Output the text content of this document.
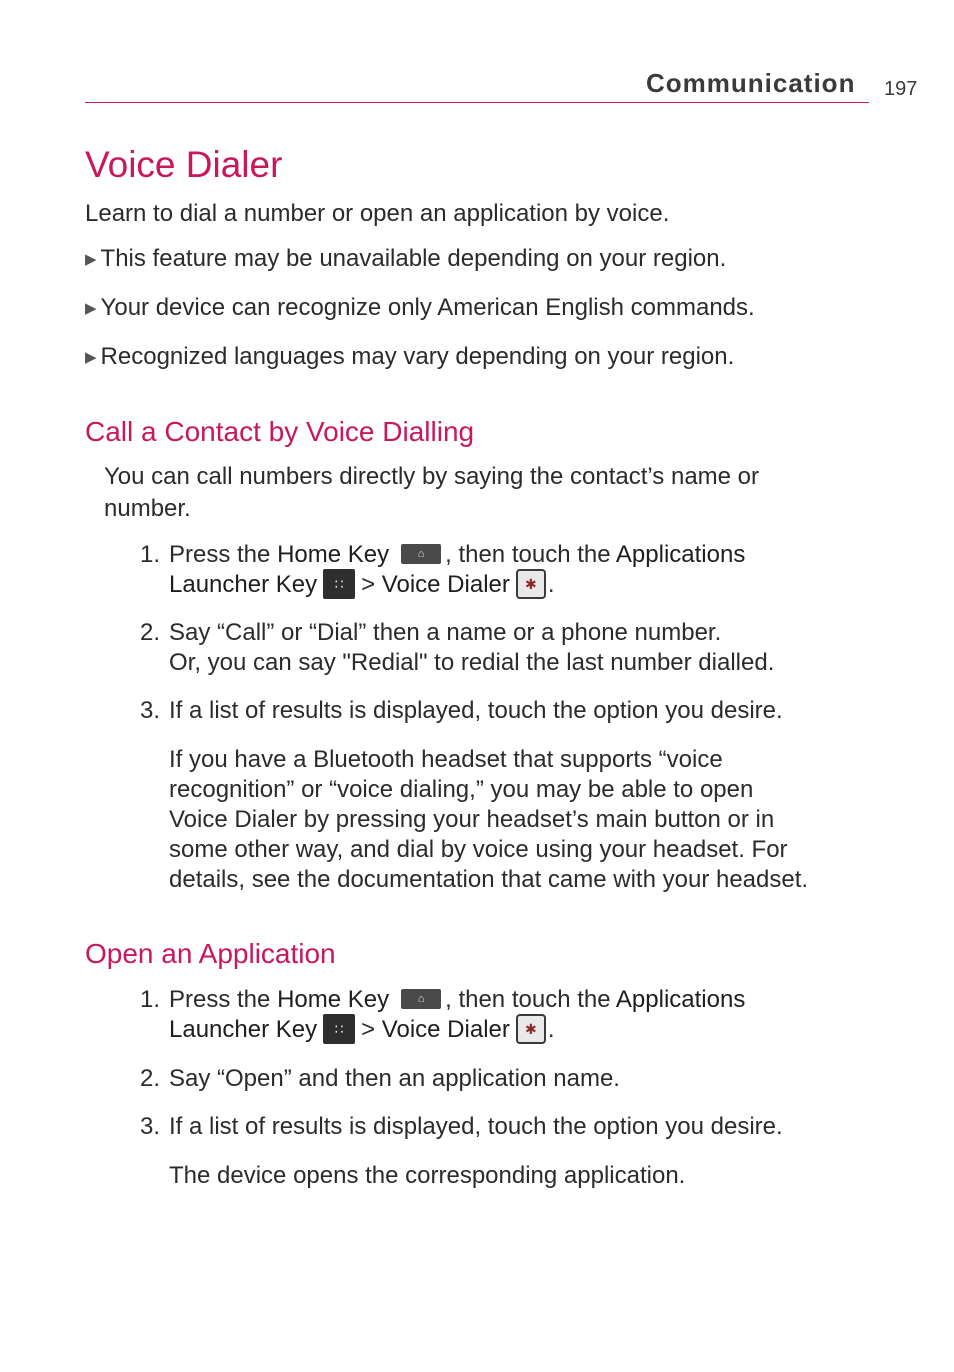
Communication 197
Voice Dialer
Learn to dial a number or open an application by voice.
▶ This feature may be unavailable depending on your region.
▶ Your device can recognize only American English commands.
▶ Recognized languages may vary depending on your region.
Call a Contact by Voice Dialling
You can call numbers directly by saying the contact’s name or
number.
1. Press the Home Key	⌂ , then touch the Applications
Launcher Key ∷ > Voice Dialer ✱ .
2. Say “Call” or “Dial” then a name or a phone number.
Or, you can say "Redial" to redial the last number dialled.
3. If a list of results is displayed, touch the option you desire.
If you have a Bluetooth headset that supports “voice
recognition” or “voice dialing,” you may be able to open
Voice Dialer by pressing your headset’s main button or in
some other way, and dial by voice using your headset. For
details, see the documentation that came with your headset.
Open an Application
1. Press the Home Key	⌂ , then touch the Applications
Launcher Key ∷ > Voice Dialer ✱ .
2. Say “Open” and then an application name.
3. If a list of results is displayed, touch the option you desire.
The device opens the corresponding application.
